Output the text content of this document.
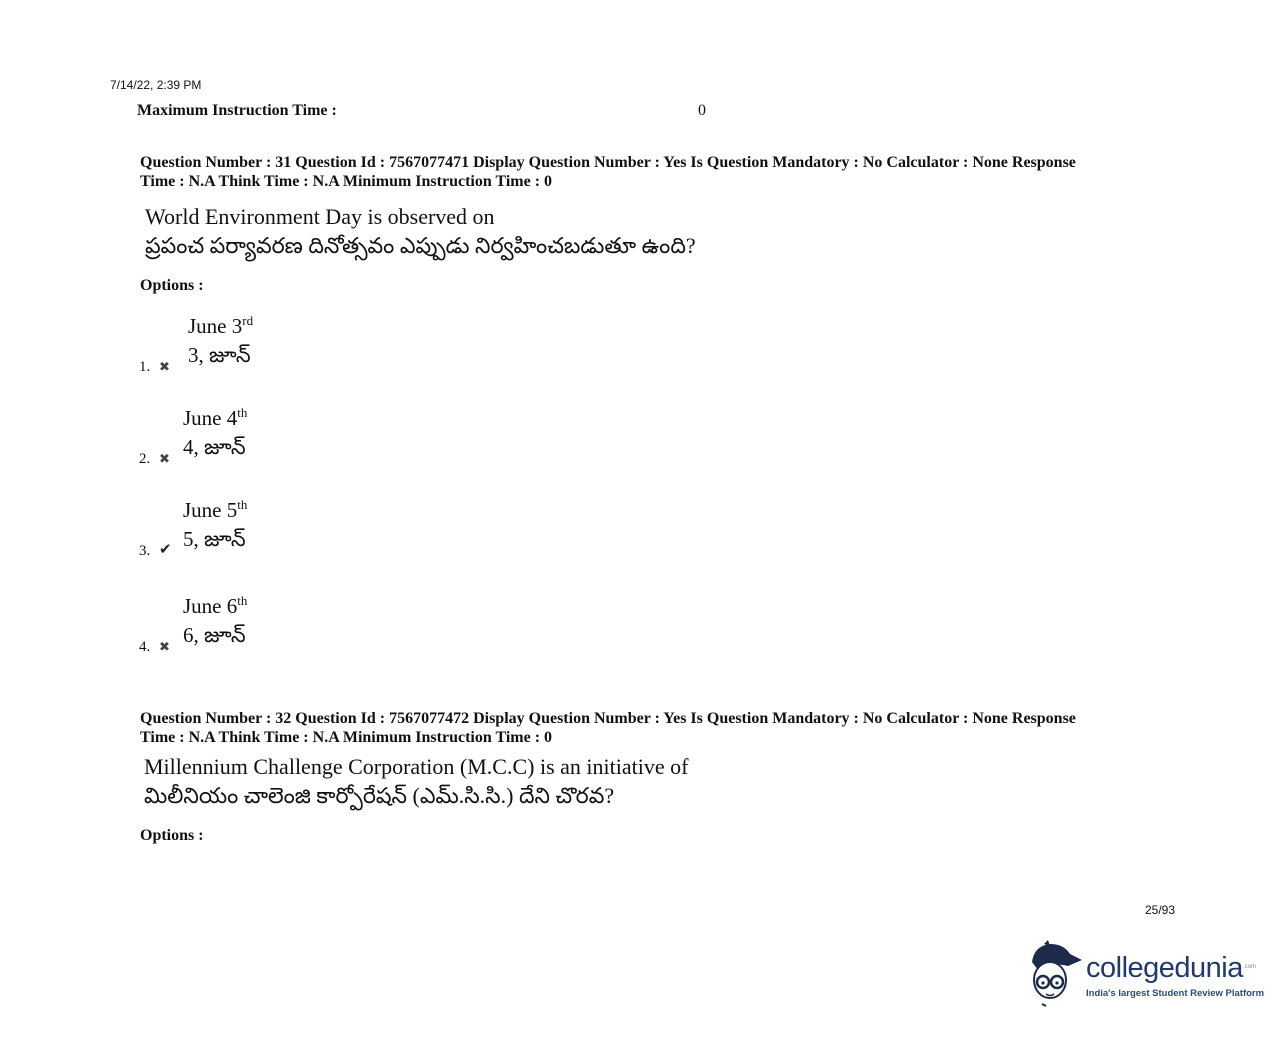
7/14/22, 2:39 PM
Maximum Instruction Time :	0
Question Number : 31 Question Id : 7567077471 Display Question Number : Yes Is Question Mandatory : No Calculator : None Response
Time : N.A Think Time : N.A Minimum Instruction Time : 0
World Environment Day is observed on
ప్రపంచ పర్యావరణ దినోత్సవం ఎప్పుడు నిర్వహించబడుతూ ఉంది?
Options :
1. ✖
June 3rd
3, జూన్
2. ✖
June 4th
4, జూన్
3. ✔
June 5th
5, జూన్
4. ✖
June 6th
6, జూన్
Question Number : 32 Question Id : 7567077472 Display Question Number : Yes Is Question Mandatory : No Calculator : None Response
Time : N.A Think Time : N.A Minimum Instruction Time : 0
Millennium Challenge Corporation (M.C.C) is an initiative of
మిలీనియం చాలెంజి కార్పోరేషన్ (ఎమ్.సి.సి.) దేని చొరవ?
Options :
25/93
collegedunia .com
India's largest Student Review Platform
